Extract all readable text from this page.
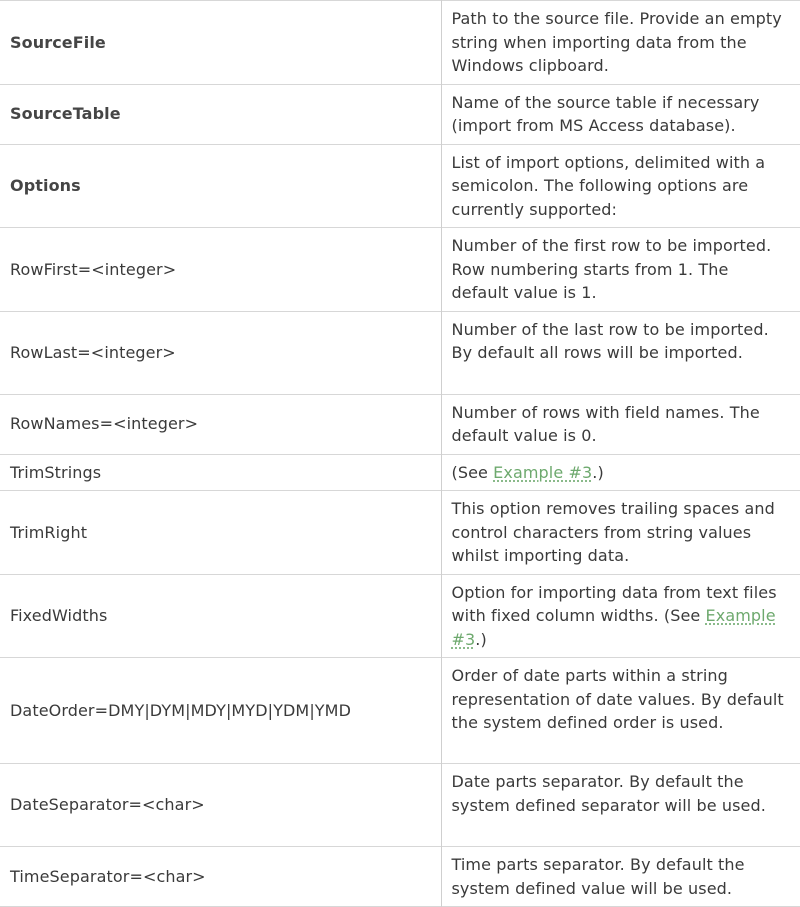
SourceFile	Path to the source file. Provide an empty string when importing data from the Windows clipboard.
SourceTable	Name of the source table if necessary (import from MS Access database).
Options	List of import options, delimited with a semicolon. The following options are currently supported:
RowFirst=<integer>	Number of the first row to be imported. Row numbering starts from 1. The default value is 1.
RowLast=<integer>	Number of the last row to be imported. By default all rows will be imported.
RowNames=<integer>	Number of rows with field names. The default value is 0.
TrimStrings	(See Example #3.)
TrimRight	This option removes trailing spaces and control characters from string values whilst importing data.
FixedWidths	Option for importing data from text files with fixed column widths. (See Example #3.)
DateOrder=DMY|DYM|MDY|MYD|YDM|YMD	Order of date parts within a string representation of date values. By default the system defined order is used.
DateSeparator=<char>	Date parts separator. By default the system defined separator will be used.
TimeSeparator=<char>	Time parts separator. By default the system defined value will be used.
